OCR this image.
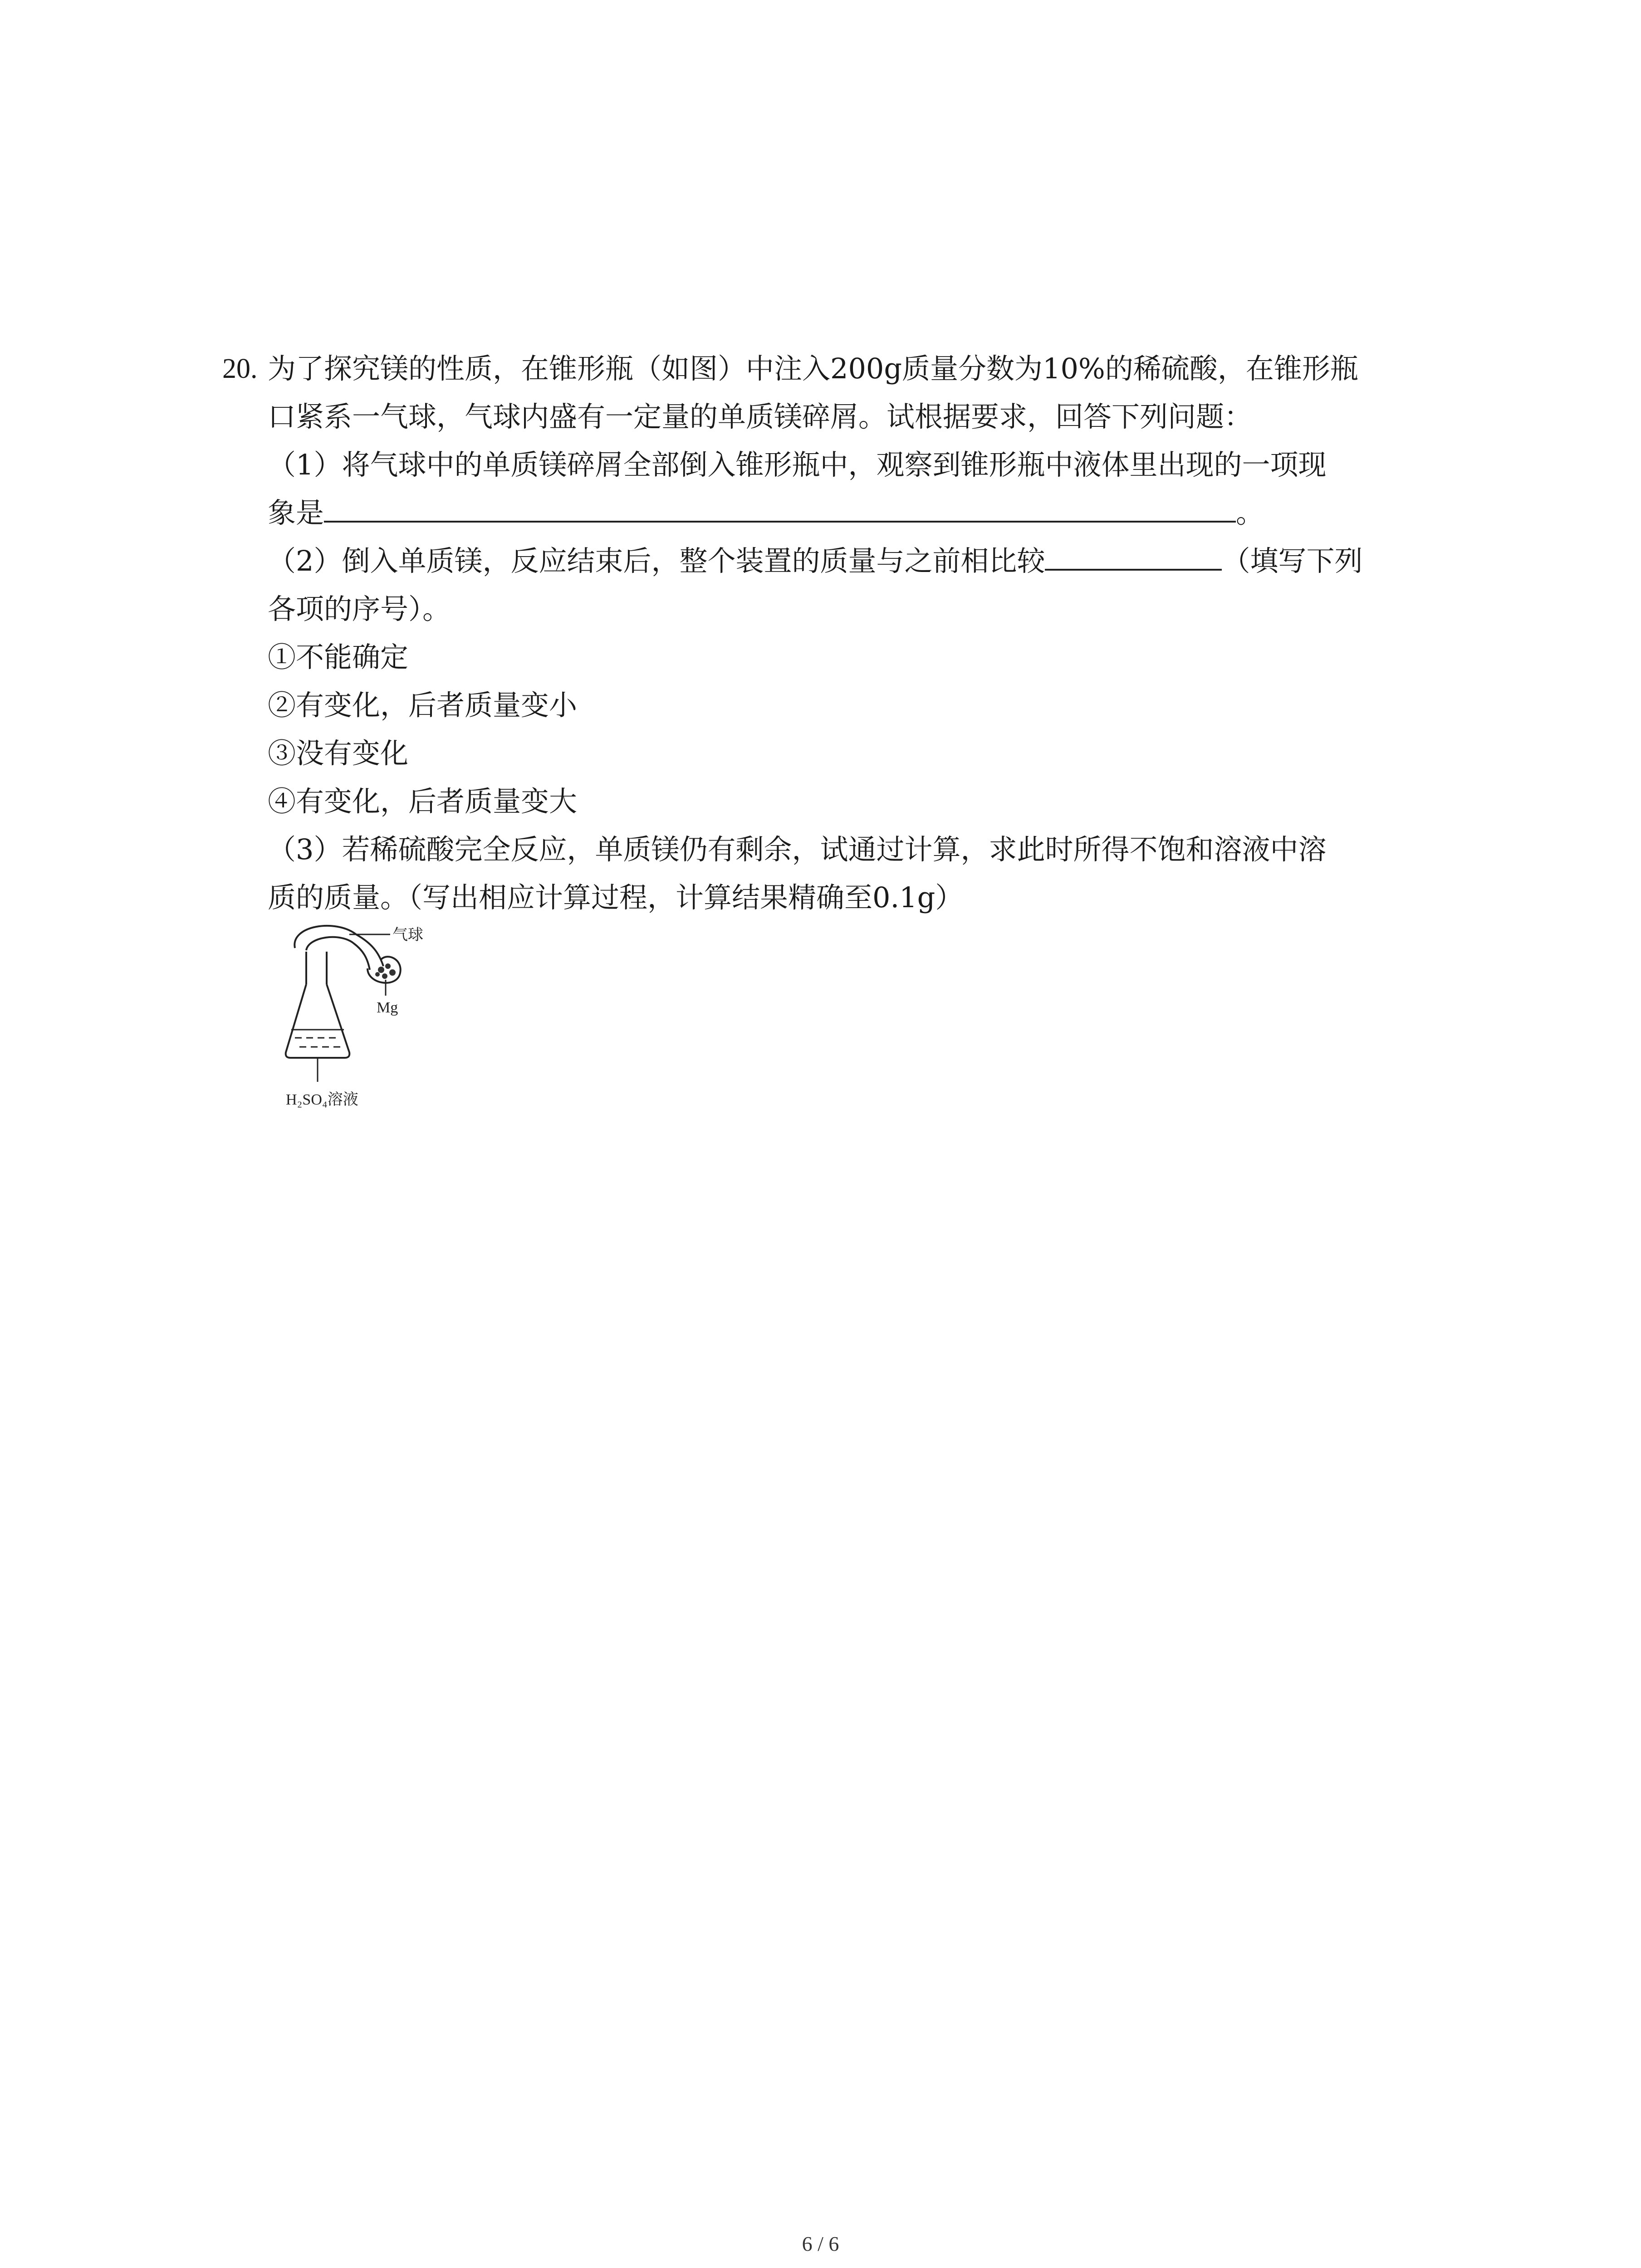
20. 为了探究镁的性质，在锥形瓶（如图）中注入200g质量分数为10%的稀硫酸，在锥形瓶
口紧系一气球，气球内盛有一定量的单质镁碎屑。试根据要求，回答下列问题：
（1）将气球中的单质镁碎屑全部倒入锥形瓶中，观察到锥形瓶中液体里出现的一项现
象是	。
（2）倒入单质镁，反应结束后，整个装置的质量与之前相比较	（填写下列
各项的序号）。
①不能确定
②有变化，后者质量变小
③没有变化
④有变化，后者质量变大
（3）若稀硫酸完全反应，单质镁仍有剩余，试通过计算，求此时所得不饱和溶液中溶
质的质量。（写出相应计算过程，计算结果精确至0.1g）
气球
Mg
H₂SO₄溶液
6 / 6
